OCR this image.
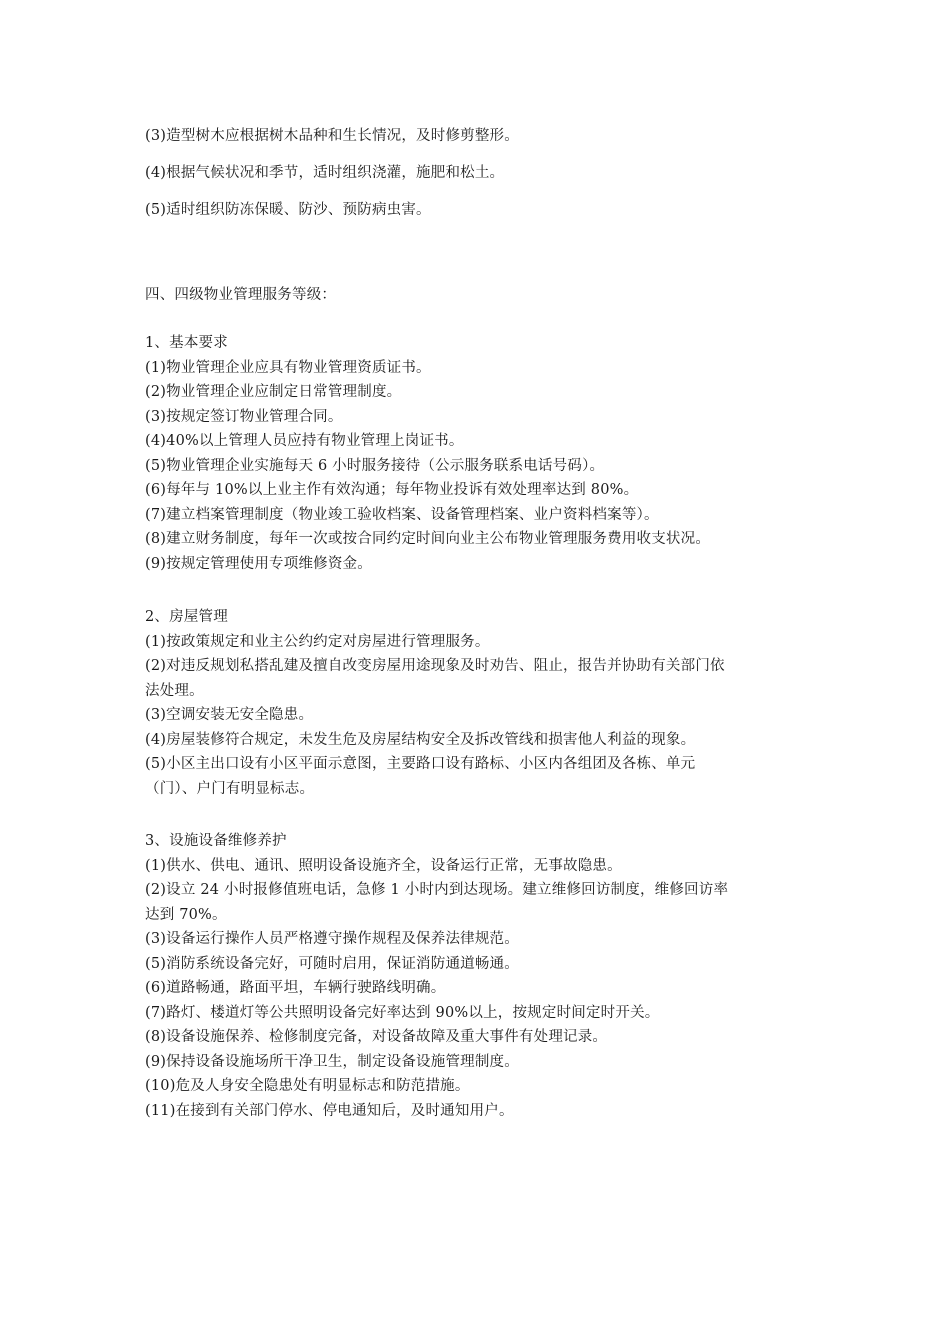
(3)造型树木应根据树木品种和生长情况，及时修剪整形。

(4)根据气候状况和季节，适时组织浇灌，施肥和松土。

(5)适时组织防冻保暖、防沙、预防病虫害。

四、四级物业管理服务等级：

1、基本要求

(1)物业管理企业应具有物业管理资质证书。

(2)物业管理企业应制定日常管理制度。

(3)按规定签订物业管理合同。

(4)40%以上管理人员应持有物业管理上岗证书。

(5)物业管理企业实施每天 6 小时服务接待（公示服务联系电话号码）。

(6)每年与 10%以上业主作有效沟通；每年物业投诉有效处理率达到 80%。

(7)建立档案管理制度（物业竣工验收档案、设备管理档案、业户资料档案等）。

(8)建立财务制度，每年一次或按合同约定时间向业主公布物业管理服务费用收支状况。

(9)按规定管理使用专项维修资金。

2、房屋管理

(1)按政策规定和业主公约约定对房屋进行管理服务。

(2)对违反规划私搭乱建及擅自改变房屋用途现象及时劝告、阻止，报告并协助有关部门依

法处理。

(3)空调安装无安全隐患。

(4)房屋装修符合规定，未发生危及房屋结构安全及拆改管线和损害他人利益的现象。

(5)小区主出口设有小区平面示意图，主要路口设有路标、小区内各组团及各栋、单元

（门）、户门有明显标志。

3、设施设备维修养护

(1)供水、供电、通讯、照明设备设施齐全，设备运行正常，无事故隐患。

(2)设立 24 小时报修值班电话，急修 1 小时内到达现场。建立维修回访制度，维修回访率

达到 70%。

(3)设备运行操作人员严格遵守操作规程及保养法律规范。

(5)消防系统设备完好，可随时启用，保证消防通道畅通。

(6)道路畅通，路面平坦，车辆行驶路线明确。

(7)路灯、楼道灯等公共照明设备完好率达到 90%以上，按规定时间定时开关。

(8)设备设施保养、检修制度完备，对设备故障及重大事件有处理记录。

(9)保持设备设施场所干净卫生，制定设备设施管理制度。

(10)危及人身安全隐患处有明显标志和防范措施。

(11)在接到有关部门停水、停电通知后，及时通知用户。
